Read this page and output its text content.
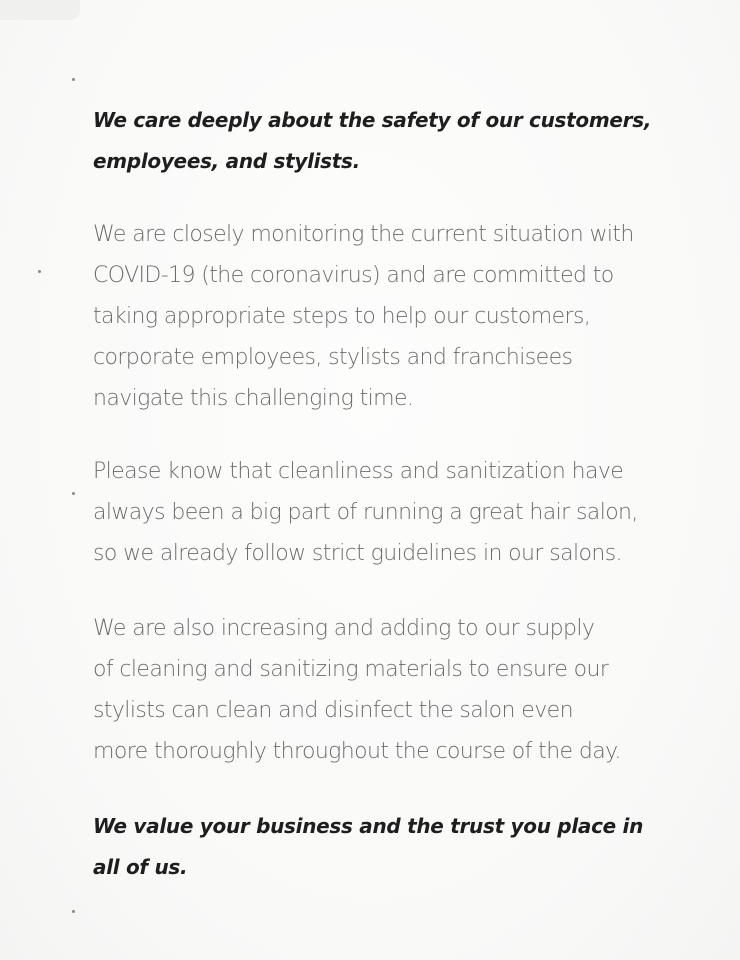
We care deeply about the safety of our customers,
employees, and stylists.

We are closely monitoring the current situation with
COVID-19 (the coronavirus) and are committed to
taking appropriate steps to help our customers,
corporate employees, stylists and franchisees
navigate this challenging time.

Please know that cleanliness and sanitization have
always been a big part of running a great hair salon,
so we already follow strict guidelines in our salons.

We are also increasing and adding to our supply
of cleaning and sanitizing materials to ensure our
stylists can clean and disinfect the salon even
more thoroughly throughout the course of the day.

We value your business and the trust you place in
all of us.
